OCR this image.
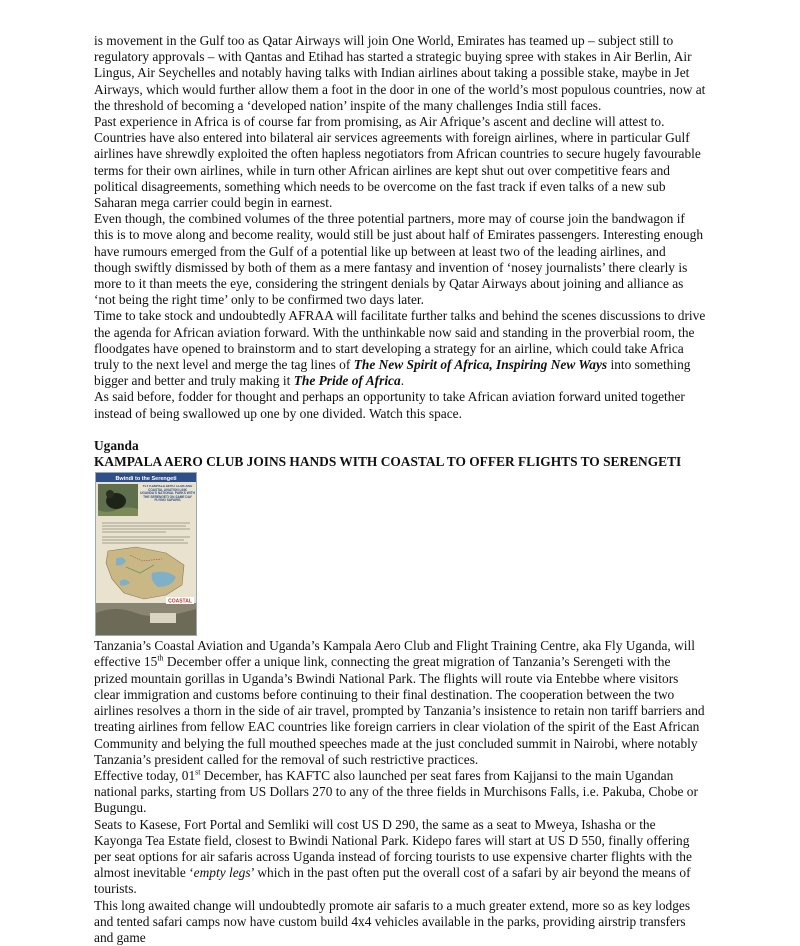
is movement in the Gulf too as Qatar Airways will join One World, Emirates has teamed up – subject still to regulatory approvals – with Qantas and Etihad has started a strategic buying spree with stakes in Air Berlin, Air Lingus, Air Seychelles and notably having talks with Indian airlines about taking a possible stake, maybe in Jet Airways, which would further allow them a foot in the door in one of the world’s most populous countries, now at the threshold of becoming a ‘developed nation’ inspite of the many challenges India still faces.

Past experience in Africa is of course far from promising, as Air Afrique’s ascent and decline will attest to. Countries have also entered into bilateral air services agreements with foreign airlines, where in particular Gulf airlines have shrewdly exploited the often hapless negotiators from African countries to secure hugely favourable terms for their own airlines, while in turn other African airlines are kept shut out over competitive fears and political disagreements, something which needs to be overcome on the fast track if even talks of a new sub Saharan mega carrier could begin in earnest.

Even though, the combined volumes of the three potential partners, more may of course join the bandwagon if this is to move along and become reality, would still be just about half of Emirates passengers. Interesting enough have rumours emerged from the Gulf of a potential like up between at least two of the leading airlines, and though swiftly dismissed by both of them as a mere fantasy and invention of ‘nosey journalists’ there clearly is more to it than meets the eye, considering the stringent denials by Qatar Airways about joining and alliance as ‘not being the right time’ only to be confirmed two days later.

Time to take stock and undoubtedly AFRAA will facilitate further talks and behind the scenes discussions to drive the agenda for African aviation forward. With the unthinkable now said and standing in the proverbial room, the floodgates have opened to brainstorm and to start developing a strategy for an airline, which could take Africa truly to the next level and merge the tag lines of The New Spirit of Africa, Inspiring New Ways into something bigger and better and truly making it The Pride of Africa.

As said before, fodder for thought and perhaps an opportunity to take African aviation forward united together instead of being swallowed up one by one divided. Watch this space.

Uganda

KAMPALA AERO CLUB JOINS HANDS WITH COASTAL TO OFFER FLIGHTS TO SERENGETI

Bwindi to the Serengeti
FLY KAMPALA AERO CLUB AND COASTAL AVIATION LINK UGANDA'S NATIONAL PARKS WITH THE SERENGETI ON SAME DAY FLYING SAFARIS
COASTAL

Tanzania’s Coastal Aviation and Uganda’s Kampala Aero Club and Flight Training Centre, aka Fly Uganda, will effective 15th December offer a unique link, connecting the great migration of Tanzania’s Serengeti with the prized mountain gorillas in Uganda’s Bwindi National Park. The flights will route via Entebbe where visitors clear immigration and customs before continuing to their final destination. The cooperation between the two airlines resolves a thorn in the side of air travel, prompted by Tanzania’s insistence to retain non tariff barriers and treating airlines from fellow EAC countries like foreign carriers in clear violation of the spirit of the East African Community and belying the full mouthed speeches made at the just concluded summit in Nairobi, where notably Tanzania’s president called for the removal of such restrictive practices.

Effective today, 01st December, has KAFTC also launched per seat fares from Kajjansi to the main Ugandan national parks, starting from US Dollars 270 to any of the three fields in Murchisons Falls, i.e. Pakuba, Chobe or Bugungu.

Seats to Kasese, Fort Portal and Semliki will cost US D 290, the same as a seat to Mweya, Ishasha or the Kayonga Tea Estate field, closest to Bwindi National Park. Kidepo fares will start at US D 550, finally offering per seat options for air safaris across Uganda instead of forcing tourists to use expensive charter flights with the almost inevitable ‘empty legs’ which in the past often put the overall cost of a safari by air beyond the means of tourists.

This long awaited change will undoubtedly promote air safaris to a much greater extend, more so as key lodges and tented safari camps now have custom build 4x4 vehicles available in the parks, providing airstrip transfers and game
